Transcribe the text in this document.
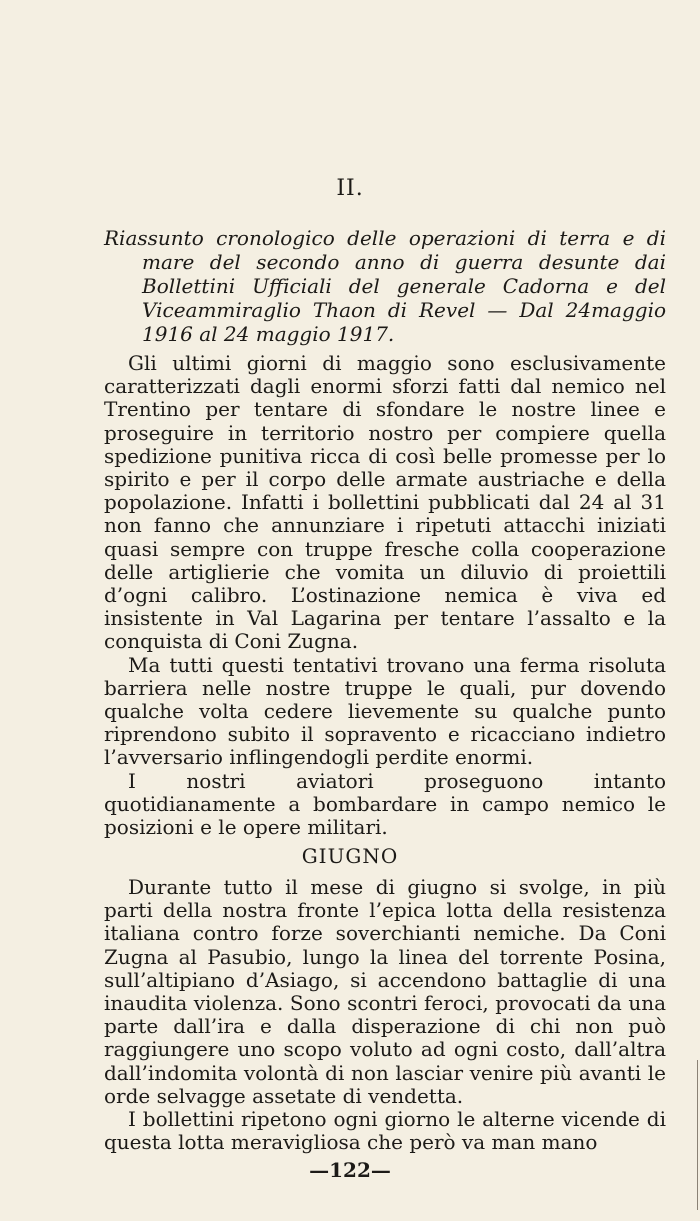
II.

Riassunto cronologico delle operazioni di terra e di mare del secondo anno di guerra desunte dai Bollettini Ufficiali del generale Cadorna e del Viceammiraglio Thaon di Revel — Dal 24maggio 1916 al 24 maggio 1917.

Gli ultimi giorni di maggio sono esclusivamente caratterizzati dagli enormi sforzi fatti dal nemico nel Trentino per tentare di sfondare le nostre linee e proseguire in territorio nostro per compiere quella spedizione punitiva ricca di così belle promesse per lo spirito e per il corpo delle armate austriache e della popolazione. Infatti i bollettini pubblicati dal 24 al 31 non fanno che annunziare i ripetuti attacchi iniziati quasi sempre con truppe fresche colla cooperazione delle artiglierie che vomita un diluvio di proiettili d’ogni calibro. L’ostinazione nemica è viva ed insistente in Val Lagarina per tentare l’assalto e la conquista di Coni Zugna.

Ma tutti questi tentativi trovano una ferma risoluta barriera nelle nostre truppe le quali, pur dovendo qualche volta cedere lievemente su qualche punto riprendono subito il sopravento e ricacciano indietro l’avversario inflingendogli perdite enormi.

I nostri aviatori proseguono intanto quotidianamente a bombardare in campo nemico le posizioni e le opere militari.

GIUGNO

Durante tutto il mese di giugno si svolge, in più parti della nostra fronte l’epica lotta della resistenza italiana contro forze soverchianti nemiche. Da Coni Zugna al Pasubio, lungo la linea del torrente Posina, sull’altipiano d’Asiago, si accendono battaglie di una inaudita violenza. Sono scontri feroci, provocati da una parte dall’ira e dalla disperazione di chi non può raggiungere uno scopo voluto ad ogni costo, dall’altra dall’indomita volontà di non lasciar venire più avanti le orde selvagge assetate di vendetta.

I bollettini ripetono ogni giorno le alterne vicende di questa lotta meravigliosa che però va man mano

—122—
